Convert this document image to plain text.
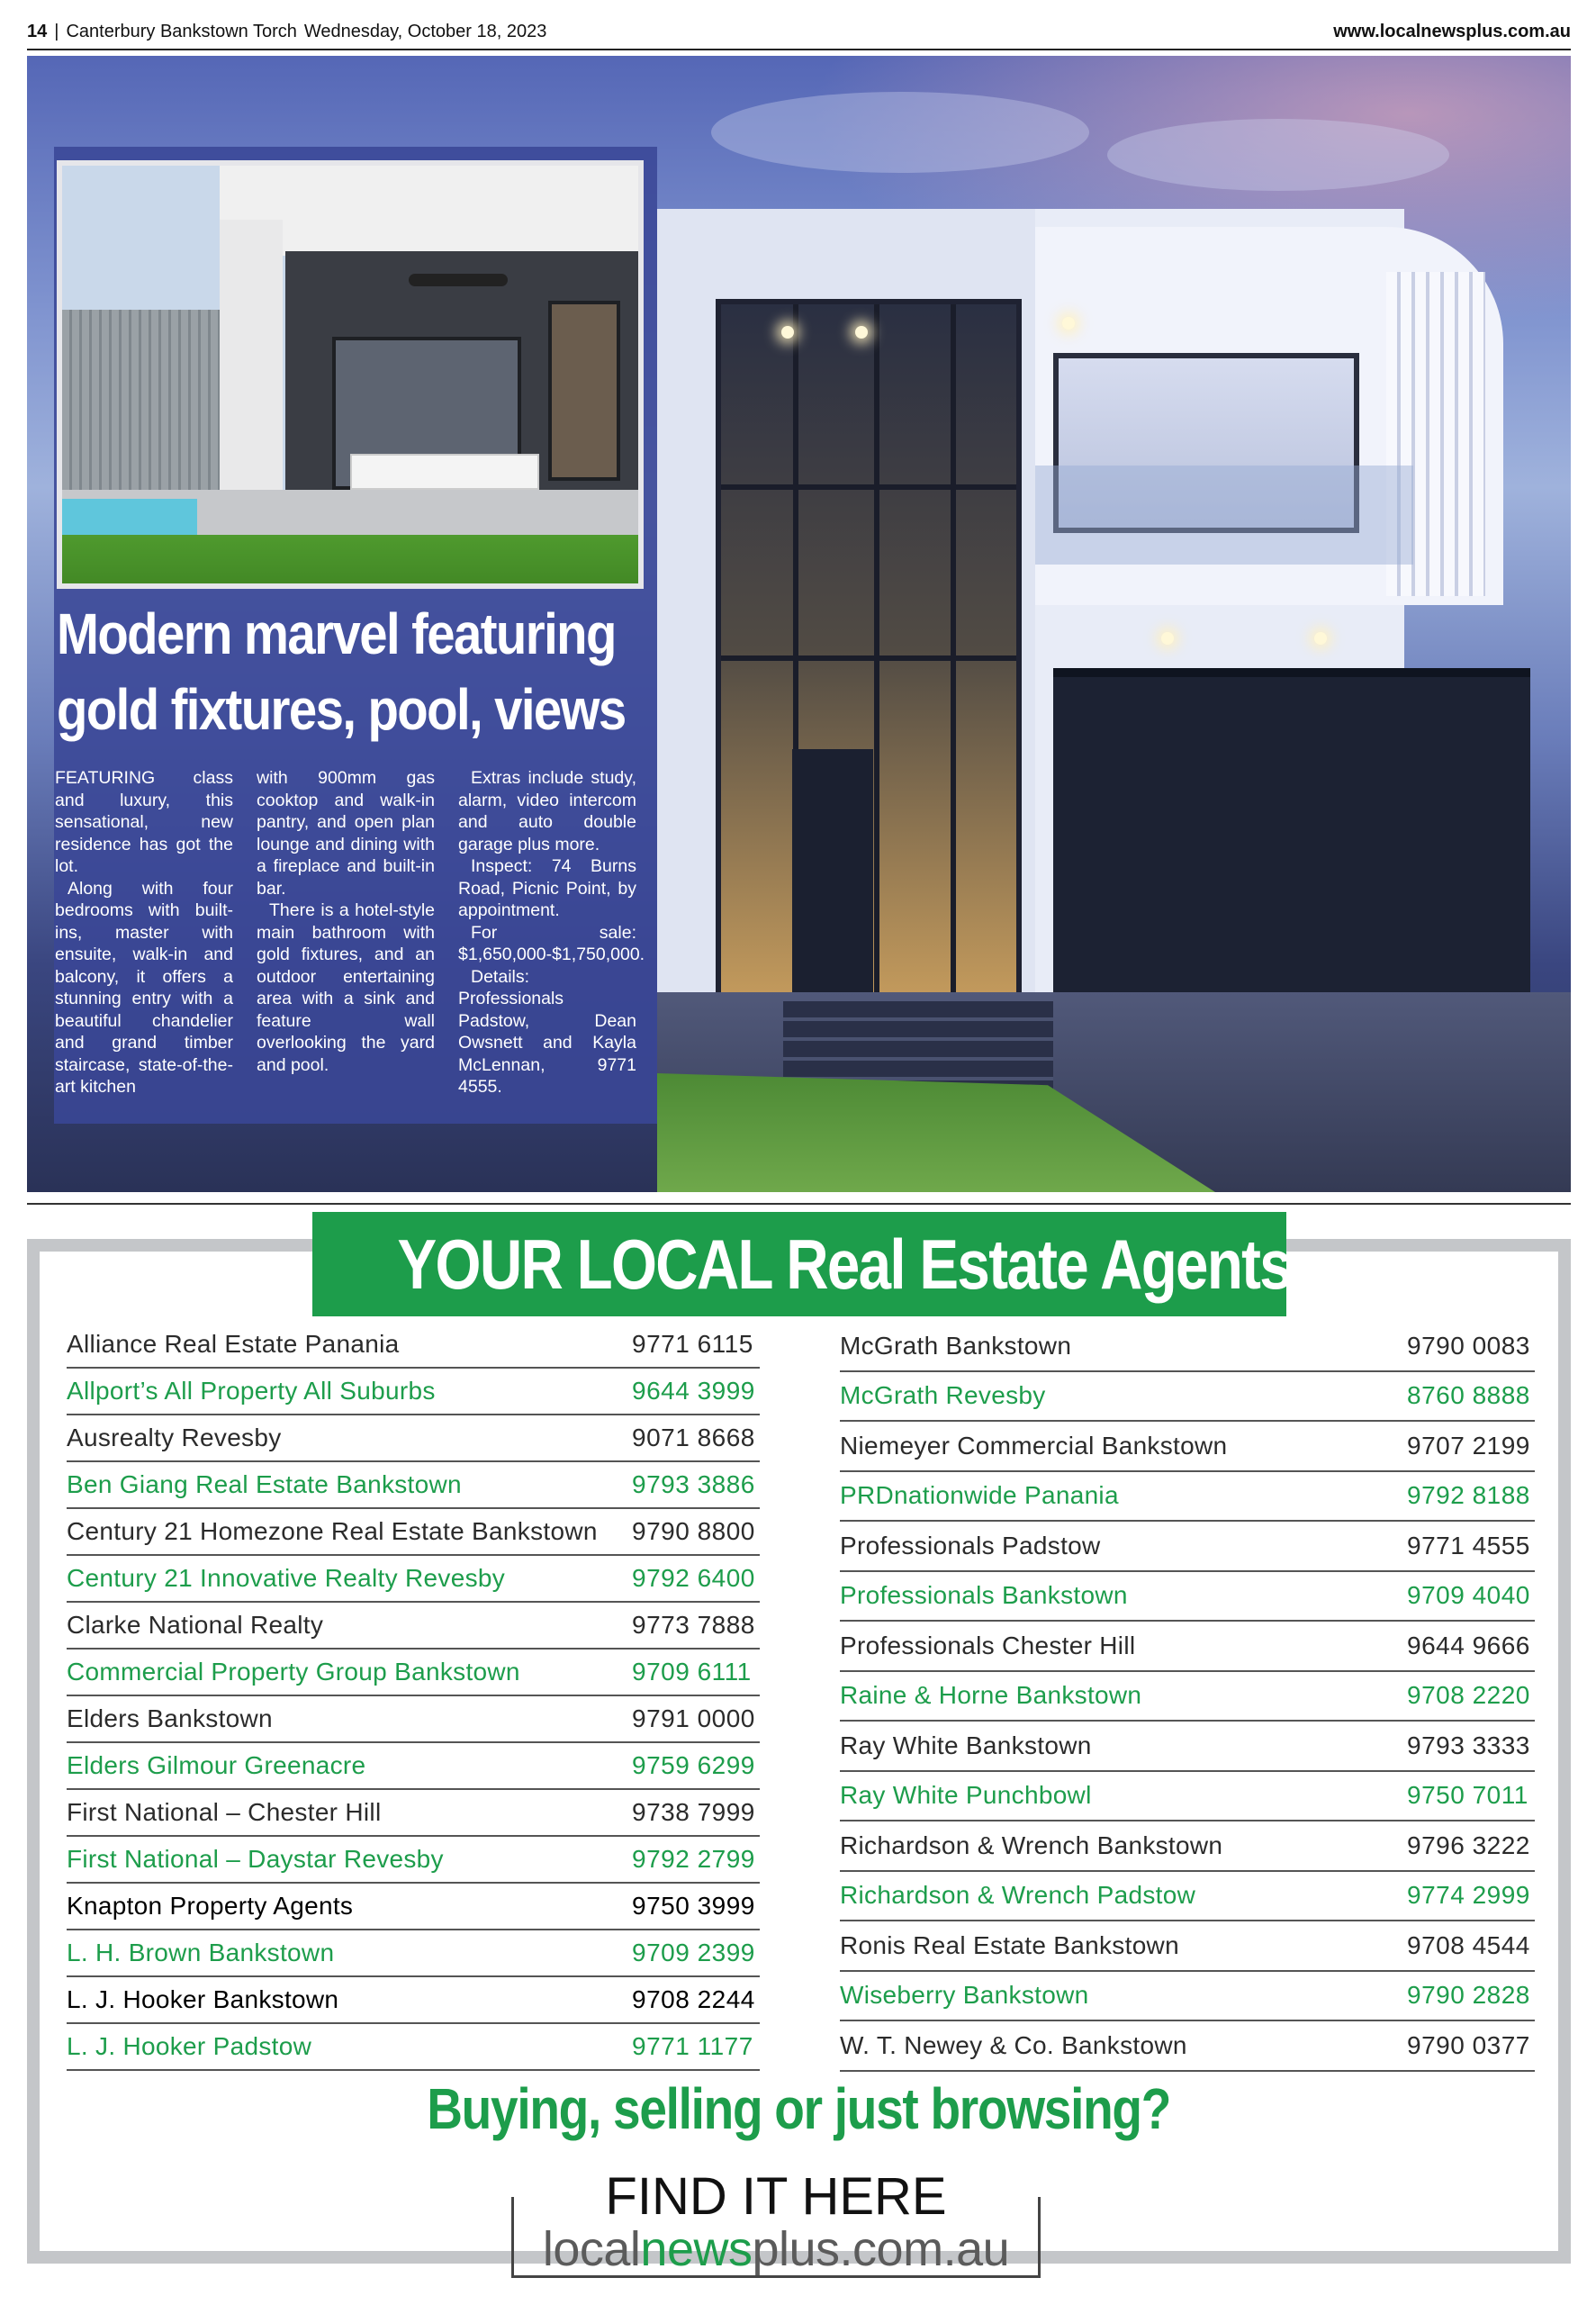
14 | Canterbury Bankstown Torch Wednesday, October 18, 2023	www.localnewsplus.com.au
Modern marvel featuring
gold fixtures, pool, views

FEATURING class and luxury, this sensational, new residence has got the lot.

Along with four bedrooms with built-ins, master with ensuite, walk-in and balcony, it offers a stunning entry with a beautiful chandelier and grand timber staircase, state-of-the-art kitchen

with 900mm gas cooktop and walk-in pantry, and open plan lounge and dining with a fireplace and built-in bar.

There is a hotel-style main bathroom with gold fixtures, and an outdoor entertaining area with a sink and feature wall overlooking the yard and pool.

Extras include study, alarm, video intercom and auto double garage plus more.

Inspect: 74 Burns Road, Picnic Point, by appointment.

For sale: $1,650,000-$1,750,000.

Details: Professionals Padstow, Dean Owsnett and Kayla McLennan, 9771 4555.

YOUR LOCAL Real Estate Agents
Alliance Real Estate Panania	9771 6115
Allport’s All Property All Suburbs	9644 3999
Ausrealty Revesby	9071 8668
Ben Giang Real Estate Bankstown	9793 3886
Century 21 Homezone Real Estate Bankstown 9790 8800
Century 21 Innovative Realty Revesby	9792 6400
Clarke National Realty	9773 7888
Commercial Property Group Bankstown	9709 6111
Elders Bankstown	9791 0000
Elders Gilmour Greenacre	9759 6299
First National – Chester Hill	9738 7999
First National – Daystar Revesby	9792 2799
Knapton Property Agents	9750 3999
L. H. Brown Bankstown	9709 2399
L. J. Hooker Bankstown	9708 2244
L. J. Hooker Padstow	9771 1177
McGrath Bankstown	9790 0083
McGrath Revesby	8760 8888
Niemeyer Commercial Bankstown	9707 2199
PRDnationwide Panania	9792 8188
Professionals Padstow	9771 4555
Professionals Bankstown	9709 4040
Professionals Chester Hill	9644 9666
Raine & Horne Bankstown	9708 2220
Ray White Bankstown	9793 3333
Ray White Punchbowl	9750 7011
Richardson & Wrench Bankstown	9796 3222
Richardson & Wrench Padstow	9774 2999
Ronis Real Estate Bankstown	9708 4544
Wiseberry Bankstown	9790 2828
W. T. Newey & Co. Bankstown	9790 0377
Buying, selling or just browsing?
FIND IT HERE
localnewsplus.com.au
